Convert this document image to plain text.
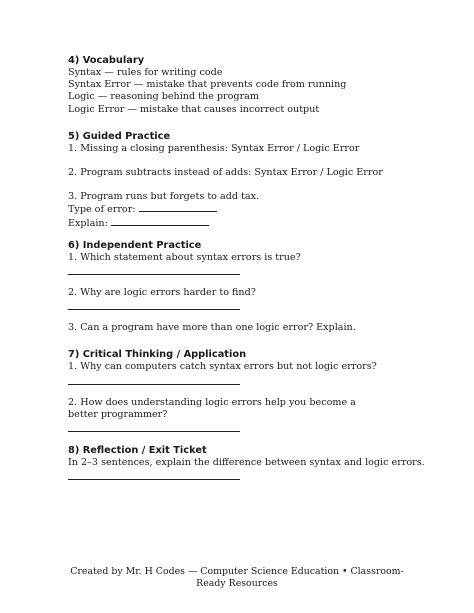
4) Vocabulary
Syntax — rules for writing code
Syntax Error — mistake that prevents code from running
Logic — reasoning behind the program
Logic Error — mistake that causes incorrect output
5) Guided Practice
1. Missing a closing parenthesis: Syntax Error / Logic Error
2. Program subtracts instead of adds: Syntax Error / Logic Error
3. Program runs but forgets to add tax.
Type of error:
Explain:
6) Independent Practice
1. Which statement about syntax errors is true?
2. Why are logic errors harder to find?
3. Can a program have more than one logic error? Explain.
7) Critical Thinking / Application
1. Why can computers catch syntax errors but not logic errors?
2. How does understanding logic errors help you become a better programmer?
8) Reflection / Exit Ticket
In 2–3 sentences, explain the difference between syntax and logic errors.
Created by Mr. H Codes — Computer Science Education • Classroom-Ready Resources
